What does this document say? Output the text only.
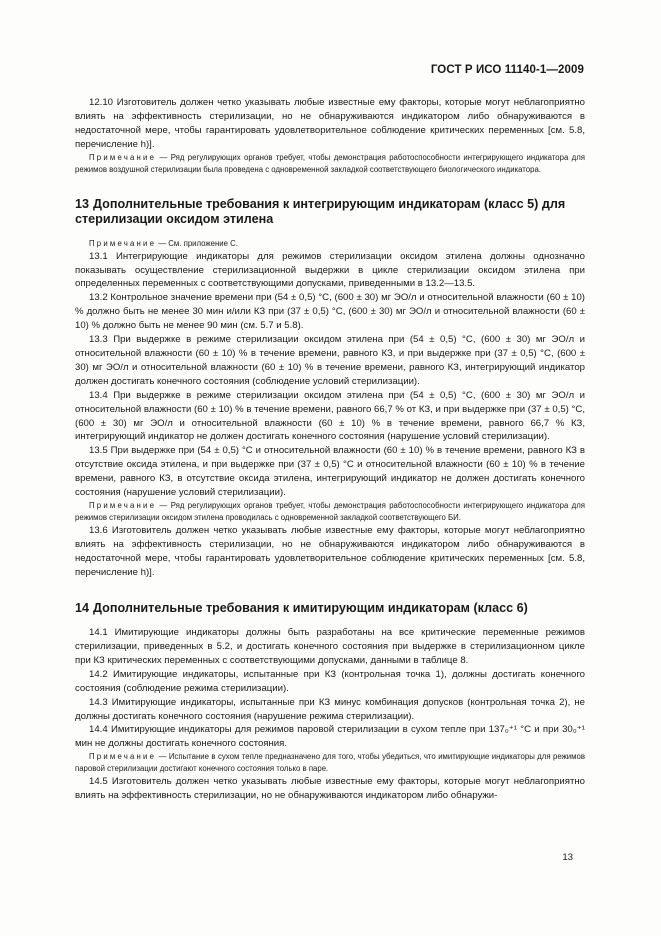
ГОСТ Р ИСО 11140-1—2009

12.10 Изготовитель должен четко указывать любые известные ему факторы, которые могут неблагоприятно влиять на эффективность стерилизации, но не обнаруживаются индикатором либо обнаруживаются в недостаточной мере, чтобы гарантировать удовлетворительное соблюдение критических переменных [см. 5.8, перечисление h)].

Примечание — Ряд регулирующих органов требует, чтобы демонстрация работоспособности интегрирующего индикатора для режимов воздушной стерилизации была проведена с одновременной закладкой соответствующего биологического индикатора.

13 Дополнительные требования к интегрирующим индикаторам (класс 5) для стерилизации оксидом этилена

Примечание — См. приложение C.

13.1 Интегрирующие индикаторы для режимов стерилизации оксидом этилена должны однозначно показывать осуществление стерилизационной выдержки в цикле стерилизации оксидом этилена при определенных переменных с соответствующими допусками, приведенными в 13.2—13.5.

13.2 Контрольное значение времени при (54 ± 0,5) °С, (600 ± 30) мг ЭО/л и относительной влажности (60 ± 10) % должно быть не менее 30 мин и/или КЗ при (37 ± 0,5) °С, (600 ± 30) мг ЭО/л и относительной влажности (60 ± 10) % должно быть не менее 90 мин (см. 5.7 и 5.8).

13.3 При выдержке в режиме стерилизации оксидом этилена при (54 ± 0,5) °С, (600 ± 30) мг ЭО/л и относительной влажности (60 ± 10) % в течение времени, равного КЗ, и при выдержке при (37 ± 0,5) °С, (600 ± 30) мг ЭО/л и относительной влажности (60 ± 10) % в течение времени, равного КЗ, интегрирующий индикатор должен достигать конечного состояния (соблюдение условий стерилизации).

13.4 При выдержке в режиме стерилизации оксидом этилена при (54 ± 0,5) °С, (600 ± 30) мг ЭО/л и относительной влажности (60 ± 10) % в течение времени, равного 66,7 % от КЗ, и при выдержке при (37 ± 0,5) °С, (600 ± 30) мг ЭО/л и относительной влажности (60 ± 10) % в течение времени, равного 66,7 % КЗ, интегрирующий индикатор не должен достигать конечного состояния (нарушение условий стерилизации).

13.5 При выдержке при (54 ± 0,5) °С и относительной влажности (60 ± 10) % в течение времени, равного КЗ в отсутствие оксида этилена, и при выдержке при (37 ± 0,5) °С и относительной влажности (60 ± 10) % в течение времени, равного КЗ, в отсутствие оксида этилена, интегрирующий индикатор не должен достигать конечного состояния (нарушение условий стерилизации).

Примечание — Ряд регулирующих органов требует, чтобы демонстрация работоспособности интегрирующего индикатора для режимов стерилизации оксидом этилена проводилась с одновременной закладкой соответствующего БИ.

13.6 Изготовитель должен четко указывать любые известные ему факторы, которые могут неблагоприятно влиять на эффективность стерилизации, но не обнаруживаются индикатором либо обнаруживаются в недостаточной мере, чтобы гарантировать удовлетворительное соблюдение критических переменных [см. 5.8, перечисление h)].

14 Дополнительные требования к имитирующим индикаторам (класс 6)

14.1 Имитирующие индикаторы должны быть разработаны на все критические переменные режимов стерилизации, приведенных в 5.2, и достигать конечного состояния при выдержке в стерилизационном цикле при КЗ критических переменных с соответствующими допусками, данными в таблице 8.

14.2 Имитирующие индикаторы, испытанные при КЗ (контрольная точка 1), должны достигать конечного состояния (соблюдение режима стерилизации).

14.3 Имитирующие индикаторы, испытанные при КЗ минус комбинация допусков (контрольная точка 2), не должны достигать конечного состояния (нарушение режима стерилизации).

14.4 Имитирующие индикаторы для режимов паровой стерилизации в сухом тепле при 137₀⁺¹ °С и при 30₀⁺¹ мин не должны достигать конечного состояния.

Примечание — Испытание в сухом тепле предназначено для того, чтобы убедиться, что имитирующие индикаторы для режимов паровой стерилизации достигают конечного состояния только в паре.

14.5 Изготовитель должен четко указывать любые известные ему факторы, которые могут неблагоприятно влиять на эффективность стерилизации, но не обнаруживаются индикатором либо обнаружи-

13
